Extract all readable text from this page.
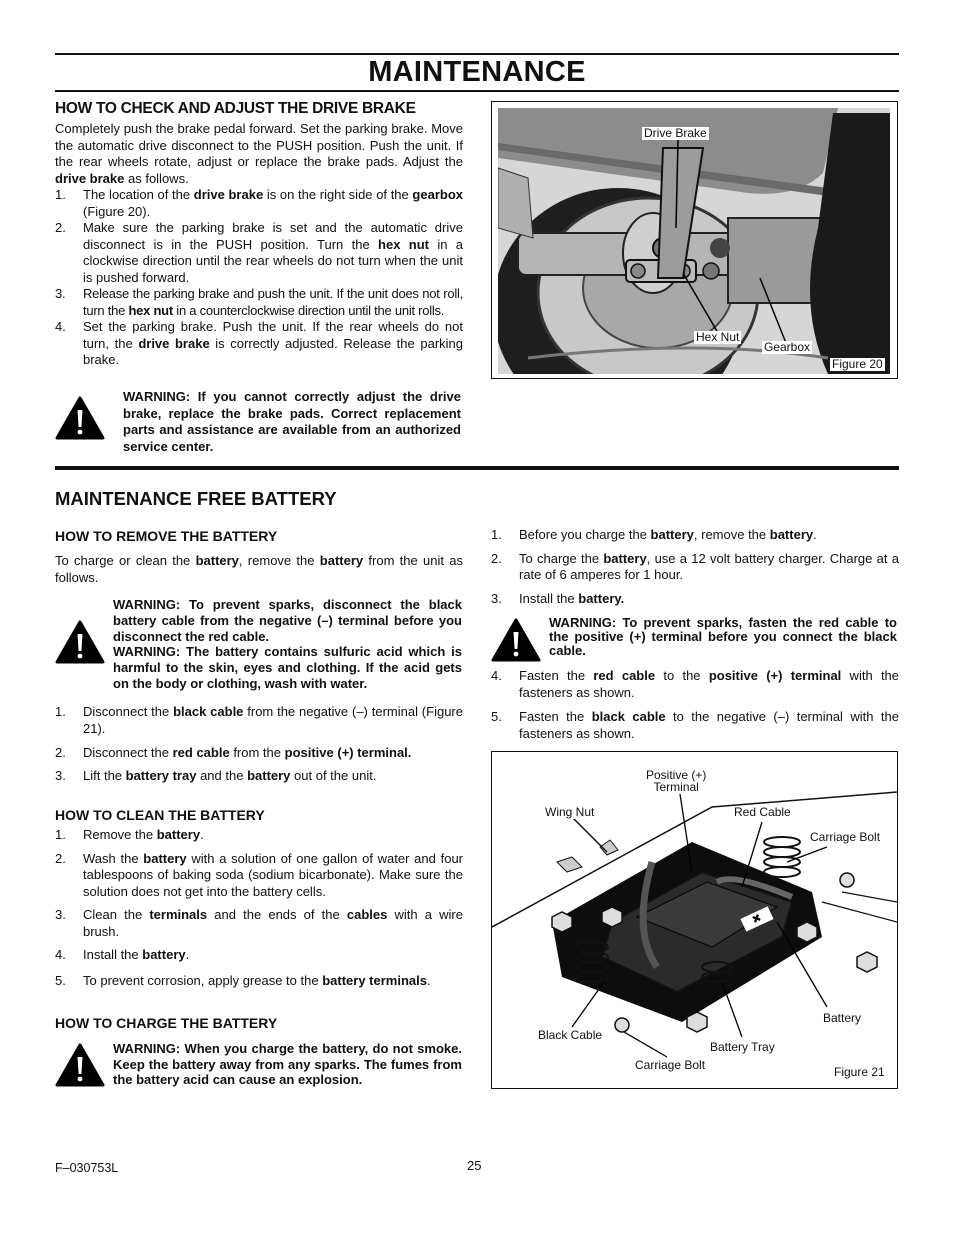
MAINTENANCE
HOW TO CHECK AND ADJUST THE DRIVE BRAKE

Completely push the brake pedal forward. Set the parking brake. Move the automatic drive disconnect to the PUSH position. Push the unit. If the rear wheels rotate, adjust or replace the brake pads. Adjust the drive brake as follows.

1. The location of the drive brake is on the right side of the gearbox (Figure 20).
2. Make sure the parking brake is set and the automatic drive disconnect is in the PUSH position. Turn the hex nut in a clockwise direction until the rear wheels do not turn when the unit is pushed forward.
3. Release the parking brake and push the unit. If the unit does not roll, turn the hex nut in a counterclockwise direction until the unit rolls.
4. Set the parking brake. Push the unit. If the rear wheels do not turn, the drive brake is correctly adjusted. Release the parking brake.
WARNING: If you cannot correctly adjust the drive brake, replace the brake pads. Correct replacement parts and assistance are available from an authorized service center.
Drive Brake
Hex Nut
Gearbox
Figure 20
MAINTENANCE FREE BATTERY
HOW TO REMOVE THE BATTERY

To charge or clean the battery, remove the battery from the unit as follows.

WARNING: To prevent sparks, disconnect the black battery cable from the negative (–) terminal before you disconnect the red cable.
WARNING: The battery contains sulfuric acid which is harmful to the skin, eyes and clothing. If the acid gets on the body or clothing, wash with water.
1. Disconnect the black cable from the negative (–) terminal (Figure 21).
2. Disconnect the red cable from the positive (+) terminal.
3. Lift the battery tray and the battery out of the unit.
HOW TO CLEAN THE BATTERY
1. Remove the battery.
2. Wash the battery with a solution of one gallon of water and four tablespoons of baking soda (sodium bicarbonate). Make sure the solution does not get into the battery cells.
3. Clean the terminals and the ends of the cables with a wire brush.
4. Install the battery.
5. To prevent corrosion, apply grease to the battery terminals.
HOW TO CHARGE THE BATTERY
WARNING: When you charge the battery, do not smoke. Keep the battery away from any sparks. The fumes from the battery acid can cause an explosion.
1. Before you charge the battery, remove the battery.
2. To charge the battery, use a 12 volt battery charger. Charge at a rate of 6 amperes for 1 hour.
3. Install the battery.
WARNING: To prevent sparks, fasten the red cable to the positive (+) terminal before you connect the black cable.
4. Fasten the red cable to the positive (+) terminal with the fasteners as shown.
5. Fasten the black cable to the negative (–) terminal with the fasteners as shown.
✖
Positive (+)
Terminal
Wing Nut	Red Cable
Carriage Bolt
Battery
Black Cable
Battery Tray
Carriage Bolt	Figure 21
F–030753L	25
